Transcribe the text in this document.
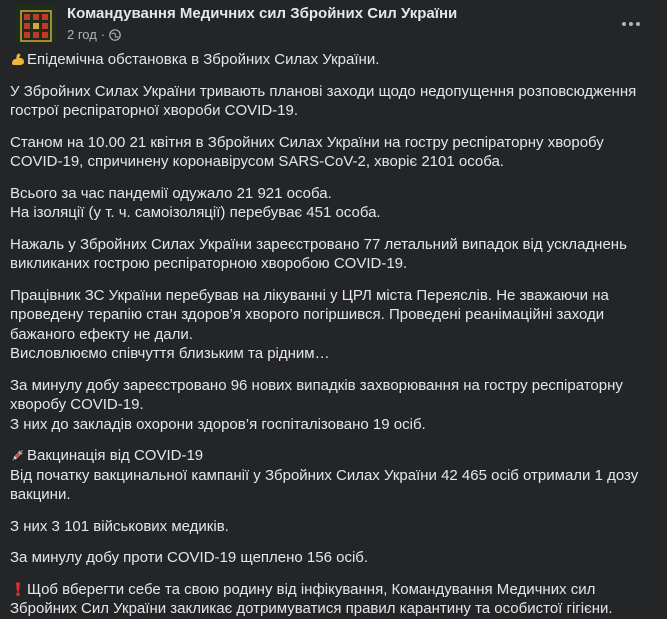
Командування Медичних сил Збройних Сил України
2 год ·

Епідемічна обстановка в Збройних Силах України.

У Збройних Силах України тривають планові заходи щодо недопущення розповсюдження гострої респіраторної хвороби COVID-19.

Станом на 10.00 21 квітня в Збройних Силах України на гостру респіраторну хворобу COVID-19, спричинену коронавірусом SARS-CoV-2, хворіє 2101 особа.

Всього за час пандемії одужало 21 921 особа.
На ізоляції (у т. ч. самоізоляції) перебуває 451 особа.

Нажаль у Збройних Силах України зареєстровано 77 летальний випадок від ускладнень викликаних гострою респіраторною хворобою COVID-19.

Працівник ЗС України перебував на лікуванні у ЦРЛ міста Переяслів. Не зважаючи на проведену терапію стан здоров’я хворого погіршився. Проведені реанімаційні заходи бажаного ефекту не дали.
Висловлюємо співчуття близьким та рідним…

За минулу добу зареєстровано 96 нових випадків захворювання на гостру респіраторну хворобу COVID-19.
З них до закладів охорони здоров’я госпіталізовано 19 осіб.

Вакцинація від COVID-19
Від початку вакцинальної кампанії у Збройних Силах України 42 465 осіб отримали 1 дозу вакцини.

З них 3 101 військових медиків.

За минулу добу проти COVID-19 щеплено 156 осіб.

Щоб вберегти себе та свою родину від інфікування, Командування Медичних сил Збройних Сил України закликає дотримуватися правил карантину та особистої гігієни.
